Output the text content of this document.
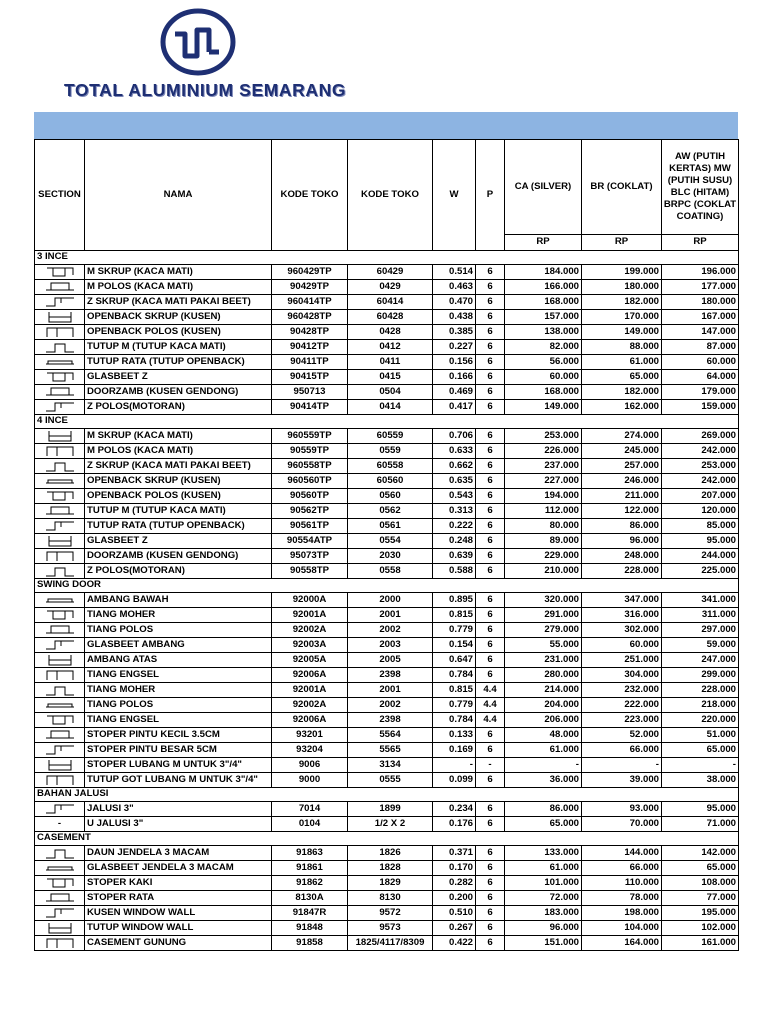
TOTAL ALUMINIUM SEMARANG
SECTION	NAMA	KODE TOKO	KODE TOKO	W	P	CA (SILVER)	BR (COKLAT)	AW (PUTIH KERTAS) MW (PUTIH SUSU) BLC (HITAM) BRPC (COKLAT COATING)
						RP	RP	RP
3 INCE								

	M SKRUP (KACA MATI)	960429TP	60429	0.514	6	184.000	199.000	196.000

	M POLOS (KACA MATI)	90429TP	0429	0.463	6	166.000	180.000	177.000

	Z SKRUP (KACA MATI PAKAI BEET)	960414TP	60414	0.470	6	168.000	182.000	180.000

	OPENBACK SKRUP (KUSEN)	960428TP	60428	0.438	6	157.000	170.000	167.000

	OPENBACK POLOS (KUSEN)	90428TP	0428	0.385	6	138.000	149.000	147.000

	TUTUP M (TUTUP KACA MATI)	90412TP	0412	0.227	6	82.000	88.000	87.000

	TUTUP RATA (TUTUP OPENBACK)	90411TP	0411	0.156	6	56.000	61.000	60.000

	GLASBEET Z	90415TP	0415	0.166	6	60.000	65.000	64.000

	DOORZAMB (KUSEN GENDONG)	950713	0504	0.469	6	168.000	182.000	179.000

	Z POLOS(MOTORAN)	90414TP	0414	0.417	6	149.000	162.000	159.000
4 INCE								

	M SKRUP (KACA MATI)	960559TP	60559	0.706	6	253.000	274.000	269.000

	M POLOS (KACA MATI)	90559TP	0559	0.633	6	226.000	245.000	242.000

	Z SKRUP (KACA MATI PAKAI BEET)	960558TP	60558	0.662	6	237.000	257.000	253.000

	OPENBACK SKRUP (KUSEN)	960560TP	60560	0.635	6	227.000	246.000	242.000

	OPENBACK POLOS (KUSEN)	90560TP	0560	0.543	6	194.000	211.000	207.000

	TUTUP M (TUTUP KACA MATI)	90562TP	0562	0.313	6	112.000	122.000	120.000

	TUTUP RATA (TUTUP OPENBACK)	90561TP	0561	0.222	6	80.000	86.000	85.000

	GLASBEET Z	90554ATP	0554	0.248	6	89.000	96.000	95.000

	DOORZAMB (KUSEN GENDONG)	95073TP	2030	0.639	6	229.000	248.000	244.000

	Z POLOS(MOTORAN)	90558TP	0558	0.588	6	210.000	228.000	225.000
SWING DOOR								

	AMBANG BAWAH	92000A	2000	0.895	6	320.000	347.000	341.000

	TIANG MOHER	92001A	2001	0.815	6	291.000	316.000	311.000

	TIANG POLOS	92002A	2002	0.779	6	279.000	302.000	297.000

	GLASBEET AMBANG	92003A	2003	0.154	6	55.000	60.000	59.000

	AMBANG ATAS	92005A	2005	0.647	6	231.000	251.000	247.000

	TIANG ENGSEL	92006A	2398	0.784	6	280.000	304.000	299.000

	TIANG MOHER	92001A	2001	0.815	4.4	214.000	232.000	228.000

	TIANG POLOS	92002A	2002	0.779	4.4	204.000	222.000	218.000

	TIANG ENGSEL	92006A	2398	0.784	4.4	206.000	223.000	220.000

	STOPER PINTU KECIL 3.5CM	93201	5564	0.133	6	48.000	52.000	51.000

	STOPER PINTU BESAR 5CM	93204	5565	0.169	6	61.000	66.000	65.000

	STOPER LUBANG M UNTUK 3"/4"	9006	3134	-	-	-	-	-

	TUTUP GOT LUBANG M UNTUK 3"/4"	9000	0555	0.099	6	36.000	39.000	38.000
BAHAN JALUSI								

	JALUSI 3"	7014	1899	0.234	6	86.000	93.000	95.000
-	U JALUSI 3"	0104	1/2 X 2	0.176	6	65.000	70.000	71.000
CASEMENT								

	DAUN JENDELA 3 MACAM	91863	1826	0.371	6	133.000	144.000	142.000

	GLASBEET JENDELA 3 MACAM	91861	1828	0.170	6	61.000	66.000	65.000

	STOPER KAKI	91862	1829	0.282	6	101.000	110.000	108.000

	STOPER RATA	8130A	8130	0.200	6	72.000	78.000	77.000

	KUSEN WINDOW WALL	91847R	9572	0.510	6	183.000	198.000	195.000

	TUTUP WINDOW WALL	91848	9573	0.267	6	96.000	104.000	102.000

	CASEMENT GUNUNG	91858	1825/4117/8309	0.422	6	151.000	164.000	161.000
